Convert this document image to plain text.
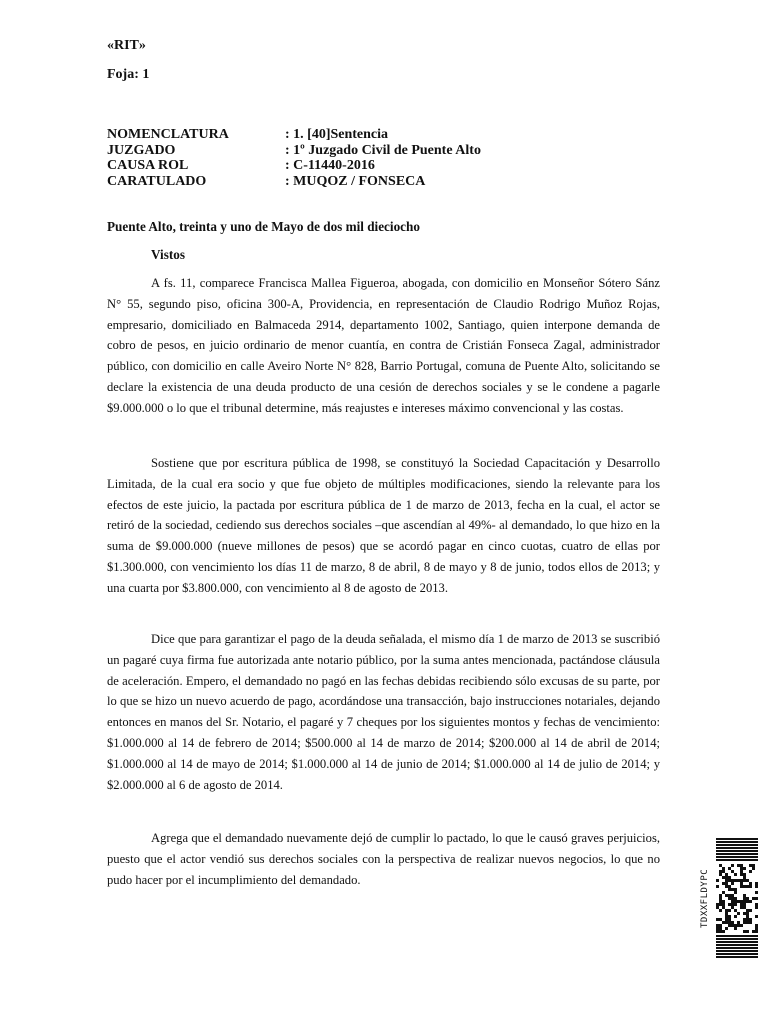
«RIT»
Foja: 1
NOMENCLATURA	: 1. [40]Sentencia
JUZGADO	: 1º Juzgado Civil de Puente Alto
CAUSA ROL	: C-11440-2016
CARATULADO	: MUQOZ / FONSECA
Puente Alto, treinta y uno de Mayo de dos mil dieciocho
Vistos

A fs. 11, comparece Francisca Mallea Figueroa, abogada, con domicilio en Monseñor Sótero Sánz N° 55, segundo piso, oficina 300-A, Providencia, en representación de Claudio Rodrigo Muñoz Rojas, empresario, domiciliado en Balmaceda 2914, departamento 1002, Santiago, quien interpone demanda de cobro de pesos, en juicio ordinario de menor cuantía, en contra de Cristián Fonseca Zagal, administrador público, con domicilio en calle Aveiro Norte N° 828, Barrio Portugal, comuna de Puente Alto, solicitando se declare la existencia de una deuda producto de una cesión de derechos sociales y se le condene a pagarle $9.000.000 o lo que el tribunal determine, más reajustes e intereses máximo convencional y las costas.

Sostiene que por escritura pública de 1998, se constituyó la Sociedad Capacitación y Desarrollo Limitada, de la cual era socio y que fue objeto de múltiples modificaciones, siendo la relevante para los efectos de este juicio, la pactada por escritura pública de 1 de marzo de 2013, fecha en la cual, el actor se retiró de la sociedad, cediendo sus derechos sociales –que ascendían al 49%- al demandado, lo que hizo en la suma de $9.000.000 (nueve millones de pesos) que se acordó pagar en cinco cuotas, cuatro de ellas por $1.300.000, con vencimiento los días 11 de marzo, 8 de abril, 8 de mayo y 8 de junio, todos ellos de 2013; y una cuarta por $3.800.000, con vencimiento al 8 de agosto de 2013.

Dice que para garantizar el pago de la deuda señalada, el mismo día 1 de marzo de 2013 se suscribió un pagaré cuya firma fue autorizada ante notario público, por la suma antes mencionada, pactándose cláusula de aceleración. Empero, el demandado no pagó en las fechas debidas recibiendo sólo excusas de su parte, por lo que se hizo un nuevo acuerdo de pago, acordándose una transacción, bajo instrucciones notariales, dejando entonces en manos del Sr. Notario, el pagaré y 7 cheques por los siguientes montos y fechas de vencimiento: $1.000.000 al 14 de febrero de 2014; $500.000 al 14 de marzo de 2014; $200.000 al 14 de abril de 2014; $1.000.000 al 14 de mayo de 2014; $1.000.000 al 14 de junio de 2014; $1.000.000 al 14 de julio de 2014; y $2.000.000 al 6 de agosto de 2014.

Agrega que el demandado nuevamente dejó de cumplir lo pactado, lo que le causó graves perjuicios, puesto que el actor vendió sus derechos sociales con la perspectiva de realizar nuevos negocios, lo que no pudo hacer por el incumplimiento del demandado.	TDXXFLDYPC
